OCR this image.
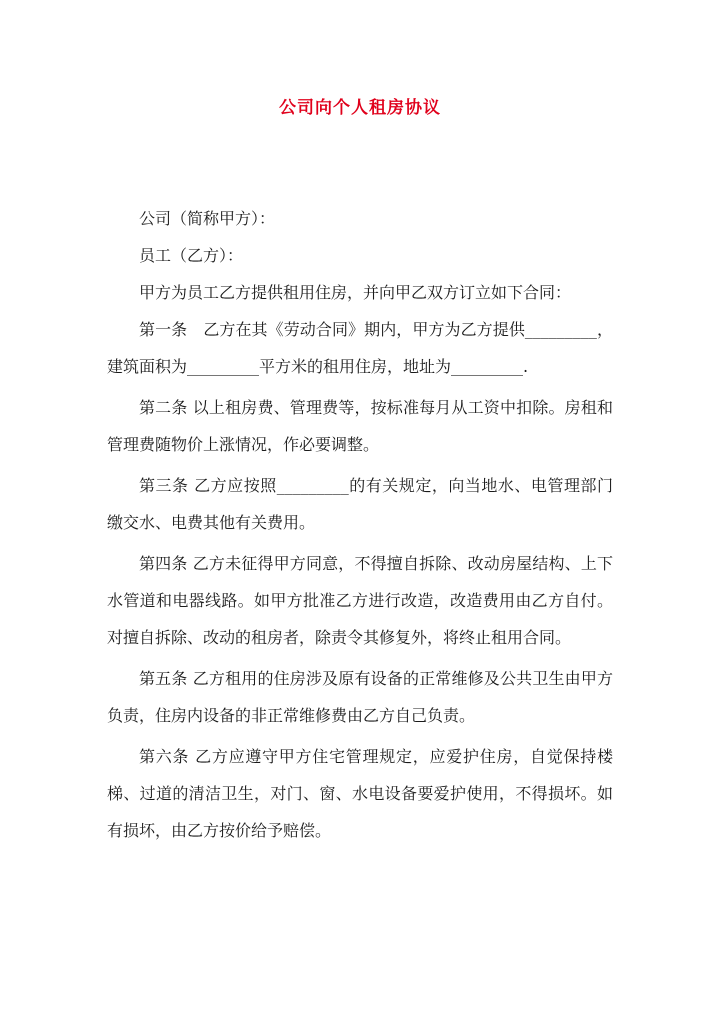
公司向个人租房协议

公司（简称甲方）：

员工（乙方）：

甲方为员工乙方提供租用住房，并向甲乙双方订立如下合同：

第一条　乙方在其《劳动合同》期内，甲方为乙方提供_________，建筑面积为_________平方米的租用住房，地址为_________.

第二条 以上租房费、管理费等，按标准每月从工资中扣除。房租和管理费随物价上涨情况，作必要调整。

第三条 乙方应按照_________的有关规定，向当地水、电管理部门缴交水、电费其他有关费用。

第四条 乙方未征得甲方同意，不得擅自拆除、改动房屋结构、上下水管道和电器线路。如甲方批准乙方进行改造，改造费用由乙方自付。对擅自拆除、改动的租房者，除责令其修复外，将终止租用合同。

第五条 乙方租用的住房涉及原有设备的正常维修及公共卫生由甲方负责，住房内设备的非正常维修费由乙方自己负责。

第六条 乙方应遵守甲方住宅管理规定，应爱护住房，自觉保持楼梯、过道的清洁卫生，对门、窗、水电设备要爱护使用，不得损坏。如有损坏，由乙方按价给予赔偿。
